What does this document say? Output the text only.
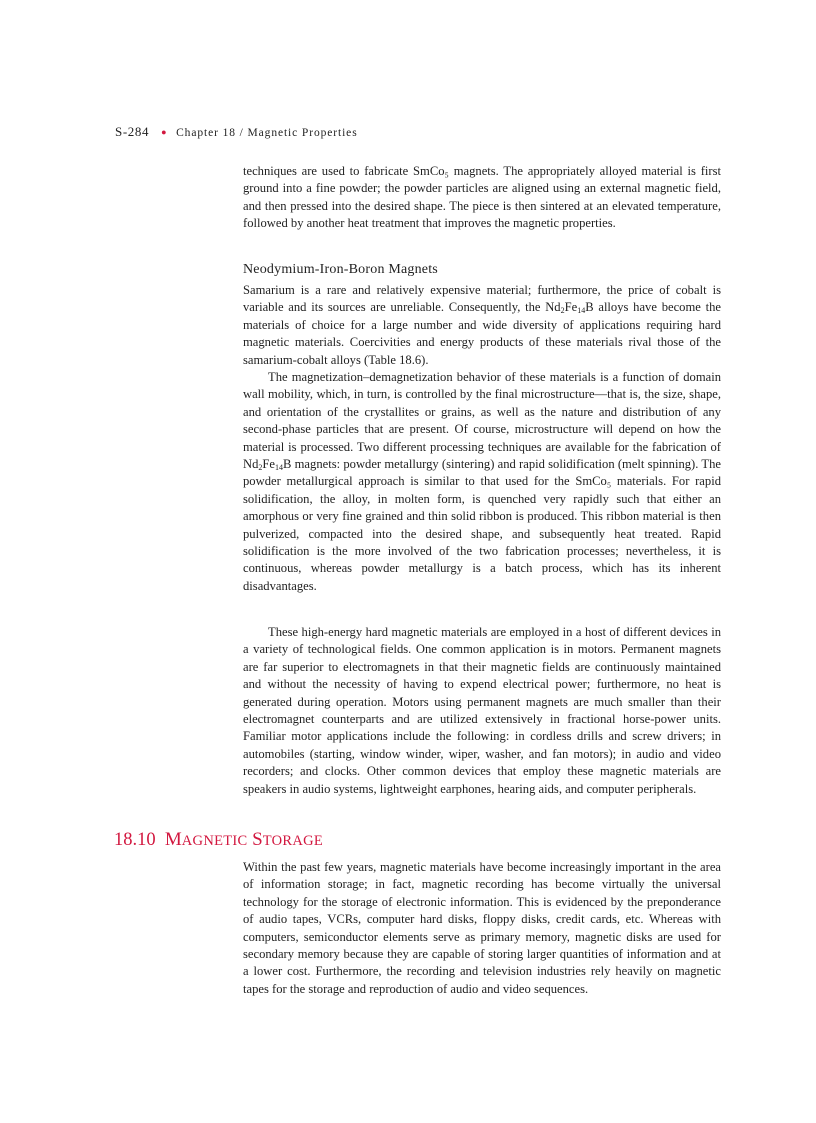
S-284 ● Chapter 18 / Magnetic Properties

techniques are used to fabricate SmCo₅ magnets. The appropriately alloyed material is first ground into a fine powder; the powder particles are aligned using an external magnetic field, and then pressed into the desired shape. The piece is then sintered at an elevated temperature, followed by another heat treatment that improves the magnetic properties.

Neodymium-Iron-Boron Magnets

Samarium is a rare and relatively expensive material; furthermore, the price of cobalt is variable and its sources are unreliable. Consequently, the $Nd_2Fe_{14}B$ alloys have become the materials of choice for a large number and wide diversity of applications requiring hard magnetic materials. Coercivities and energy products of these materials rival those of the samarium-cobalt alloys (Table 18.6).

The magnetization–demagnetization behavior of these materials is a function of domain wall mobility, which, in turn, is controlled by the final microstructure—that is, the size, shape, and orientation of the crystallites or grains, as well as the nature and distribution of any second-phase particles that are present. Of course, microstructure will depend on how the material is processed. Two different processing techniques are available for the fabrication of $Nd_2Fe_{14}B$ magnets: powder metallurgy (sintering) and rapid solidification (melt spinning). The powder metallurgical approach is similar to that used for the SmCo₅ materials. For rapid solidification, the alloy, in molten form, is quenched very rapidly such that either an amorphous or very fine grained and thin solid ribbon is produced. This ribbon material is then pulverized, compacted into the desired shape, and subsequently heat treated. Rapid solidification is the more involved of the two fabrication processes; nevertheless, it is continuous, whereas powder metallurgy is a batch process, which has its inherent disadvantages.

These high-energy hard magnetic materials are employed in a host of different devices in a variety of technological fields. One common application is in motors. Permanent magnets are far superior to electromagnets in that their magnetic fields are continuously maintained and without the necessity of having to expend electrical power; furthermore, no heat is generated during operation. Motors using permanent magnets are much smaller than their electromagnet counterparts and are utilized extensively in fractional horse-power units. Familiar motor applications include the following: in cordless drills and screw drivers; in automobiles (starting, window winder, wiper, washer, and fan motors); in audio and video recorders; and clocks. Other common devices that employ these magnetic materials are speakers in audio systems, lightweight earphones, hearing aids, and computer peripherals.

18.10 MAGNETIC STORAGE

Within the past few years, magnetic materials have become increasingly important in the area of information storage; in fact, magnetic recording has become virtually the universal technology for the storage of electronic information. This is evidenced by the preponderance of audio tapes, VCRs, computer hard disks, floppy disks, credit cards, etc. Whereas with computers, semiconductor elements serve as primary memory, magnetic disks are used for secondary memory because they are capable of storing larger quantities of information and at a lower cost. Furthermore, the recording and television industries rely heavily on magnetic tapes for the storage and reproduction of audio and video sequences.
